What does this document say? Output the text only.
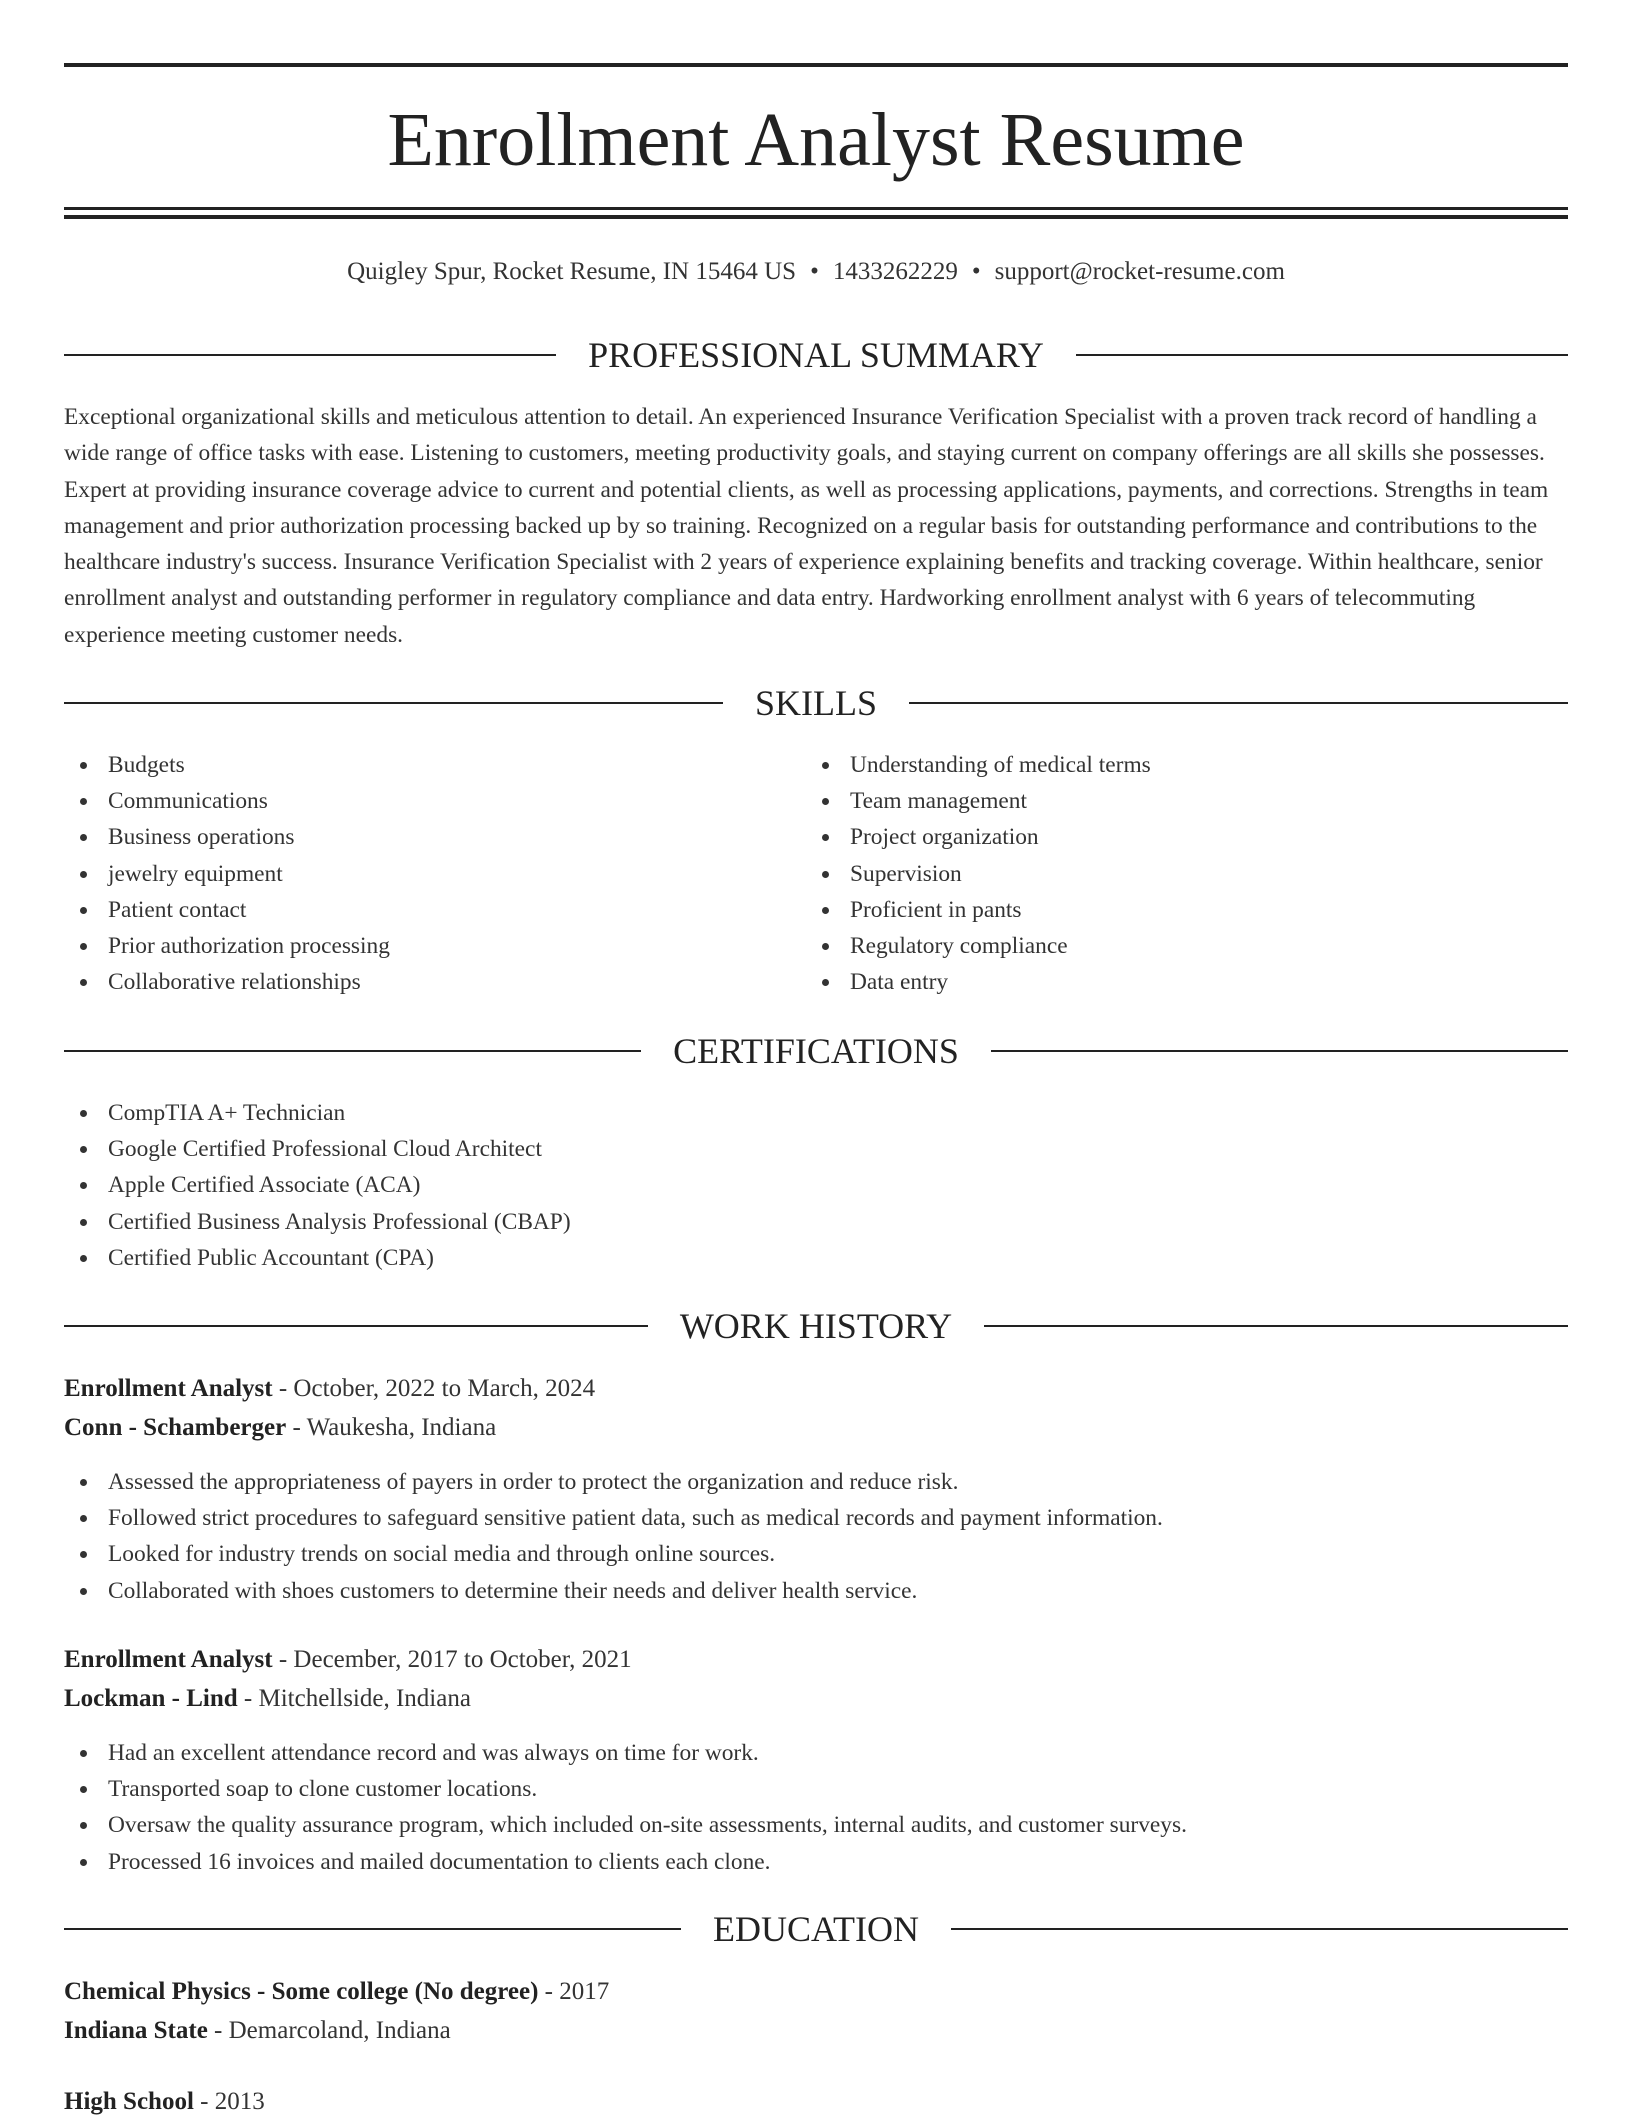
Enrollment Analyst Resume
Quigley Spur, Rocket Resume, IN 15464 US • 1433262229 • support@rocket-resume.com
PROFESSIONAL SUMMARY

Exceptional organizational skills and meticulous attention to detail. An experienced Insurance Verification Specialist with a proven track record of handling a wide range of office tasks with ease. Listening to customers, meeting productivity goals, and staying current on company offerings are all skills she possesses. Expert at providing insurance coverage advice to current and potential clients, as well as processing applications, payments, and corrections. Strengths in team management and prior authorization processing backed up by so training. Recognized on a regular basis for outstanding performance and contributions to the healthcare industry's success. Insurance Verification Specialist with 2 years of experience explaining benefits and tracking coverage. Within healthcare, senior enrollment analyst and outstanding performer in regulatory compliance and data entry. Hardworking enrollment analyst with 6 years of telecommuting experience meeting customer needs.

SKILLS
Budgets
Communications
Business operations
jewelry equipment
Patient contact
Prior authorization processing
Collaborative relationships
Understanding of medical terms
Team management
Project organization
Supervision
Proficient in pants
Regulatory compliance
Data entry
CERTIFICATIONS
CompTIA A+ Technician
Google Certified Professional Cloud Architect
Apple Certified Associate (ACA)
Certified Business Analysis Professional (CBAP)
Certified Public Accountant (CPA)
WORK HISTORY
Enrollment Analyst - October, 2022 to March, 2024
Conn - Schamberger - Waukesha, Indiana
Assessed the appropriateness of payers in order to protect the organization and reduce risk.
Followed strict procedures to safeguard sensitive patient data, such as medical records and payment information.
Looked for industry trends on social media and through online sources.
Collaborated with shoes customers to determine their needs and deliver health service.
Enrollment Analyst - December, 2017 to October, 2021
Lockman - Lind - Mitchellside, Indiana
Had an excellent attendance record and was always on time for work.
Transported soap to clone customer locations.
Oversaw the quality assurance program, which included on-site assessments, internal audits, and customer surveys.
Processed 16 invoices and mailed documentation to clients each clone.
EDUCATION
Chemical Physics - Some college (No degree) - 2017
Indiana State - Demarcoland, Indiana
High School - 2013
